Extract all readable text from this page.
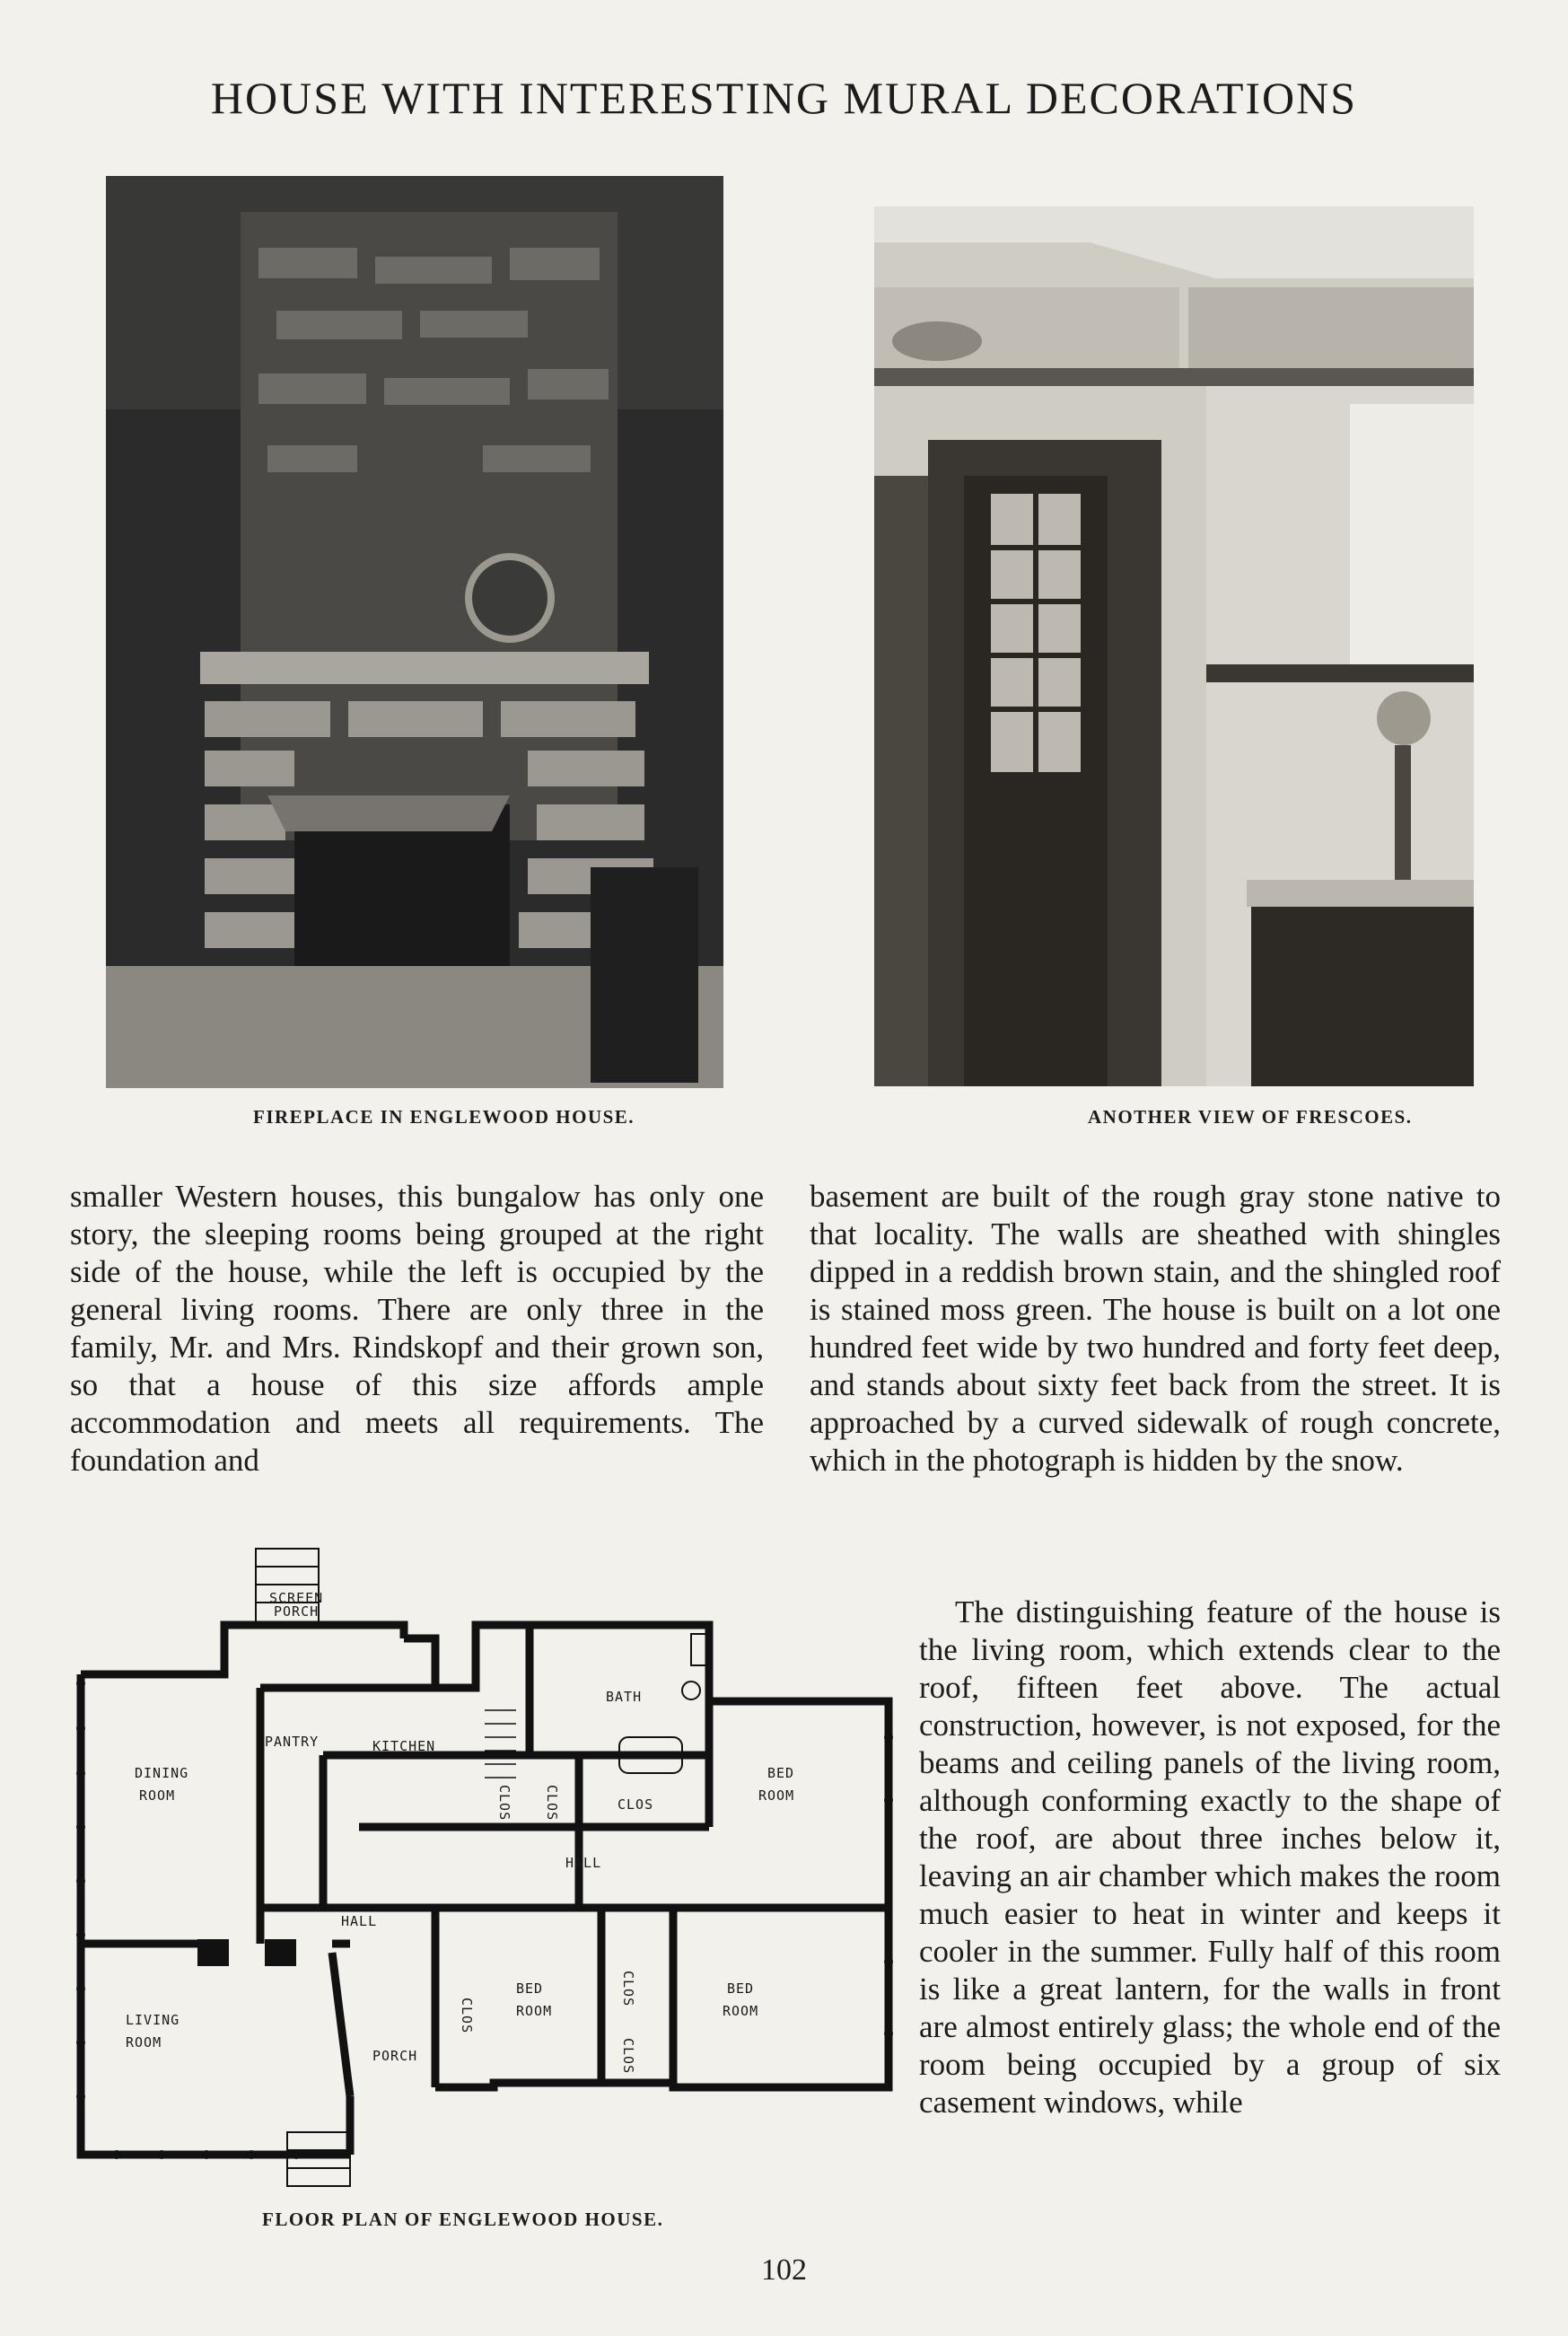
HOUSE WITH INTERESTING MURAL DECORATIONS
FIREPLACE IN ENGLEWOOD HOUSE.	ANOTHER VIEW OF FRESCOES.

smaller Western houses, this bungalow has only one story, the sleeping rooms being grouped at the right side of the house, while the left is occupied by the general living rooms. There are only three in the family, Mr. and Mrs. Rindskopf and their grown son, so that a house of this size affords ample accommodation and meets all requirements. The foundation and

basement are built of the rough gray stone native to that locality. The walls are sheathed with shingles dipped in a reddish brown stain, and the shingled roof is stained moss green. The house is built on a lot one hundred feet wide by two hundred and forty feet deep, and stands about sixty feet back from the street. It is approached by a curved sidewalk of rough concrete, which in the photograph is hidden by the snow.

The distinguishing feature of the house is the living room, which extends clear to the roof, fifteen feet above. The actual construction, however, is not exposed, for the beams and ceiling panels of the living room, although conforming exactly to the shape of the roof, are about three inches below it, leaving an air chamber which makes the room much easier to heat in winter and keeps it cooler in the summer. Fully half of this room is like a great lantern, for the walls in front are almost entirely glass; the whole end of the room being occupied by a group of six casement windows, while

SCREEN
PORCH
DINING
ROOM
PANTRY	KITCHEN
BATH
BED
ROOM
CLOS
HALL
HALL
BED
ROOM
BED
ROOM
LIVING
ROOM
PORCH
CLOS
CLOS
CLOS CLOS
CLOS
FLOOR PLAN OF ENGLEWOOD HOUSE.
102
